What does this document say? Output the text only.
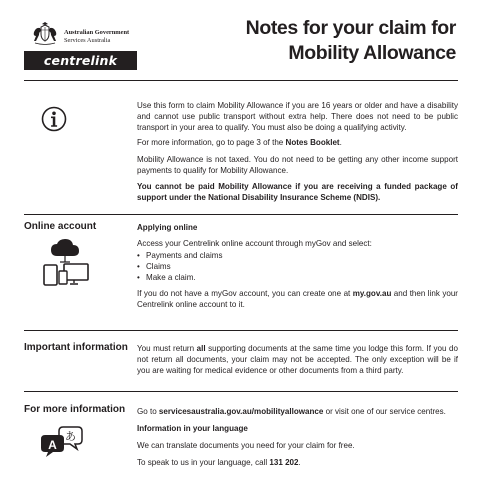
Australian Government
Services Australia
centrelink
Notes for your claim for
Mobility Allowance

Use this form to claim Mobility Allowance if you are 16 years or older and have a disability and cannot use public transport without extra help. There does not need to be public transport in your area to qualify. You must also be doing a qualifying activity.

For more information, go to page 3 of the Notes Booklet.

Mobility Allowance is not taxed. You do not need to be getting any other income support payments to qualify for Mobility Allowance.

You cannot be paid Mobility Allowance if you are receiving a funded package of support under the National Disability Insurance Scheme (NDIS).

Online account	Applying online
Access your Centrelink online account through myGov and select:
• Payments and claims
• Claims
• Make a claim.
If you do not have a myGov account, you can create one at my.gov.au and then link your Centrelink online account to it.
Important information You must return all supporting documents at the same time you lodge this form. If you do not return all documents, your claim may not be accepted. The only exception will be if you are waiting for medical evidence or other documents from a third party.

For more information
あ
A
Go to servicesaustralia.gov.au/mobilityallowance or visit one of our service centres.
Information in your language
We can translate documents you need for your claim for free.
To speak to us in your language, call 131 202.
